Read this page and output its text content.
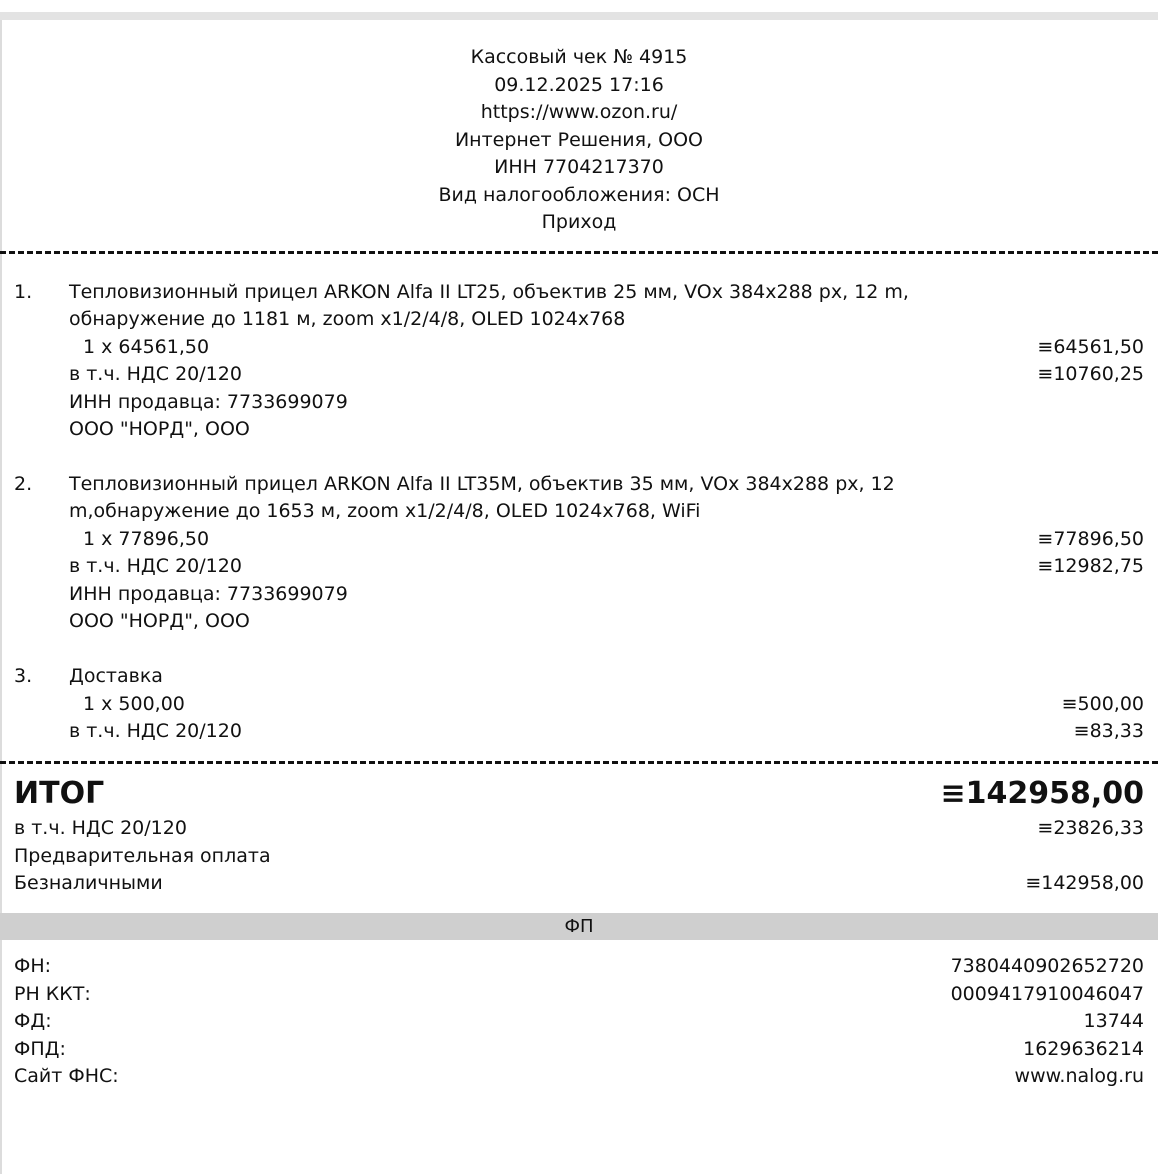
Кассовый чек № 4915
09.12.2025 17:16
https://www.ozon.ru/
Интернет Решения, ООО
ИНН 7704217370
Вид налогообложения: ОСН
Приход
1. Тепловизионный прицел ARKON Alfa II LT25, объектив 25 мм, VOx 384x288 px, 12 m,
обнаружение до 1181 м, zoom x1/2/4/8, OLED 1024x768
1 x 64561,50	≡64561,50
в т.ч. НДС 20/120	≡10760,25
ИНН продавца: 7733699079
ООО "НОРД", ООО
2. Тепловизионный прицел ARKON Alfa II LT35M, объектив 35 мм, VOx 384x288 px, 12
m,обнаружение до 1653 м, zoom x1/2/4/8, OLED 1024x768, WiFi
1 x 77896,50	≡77896,50
в т.ч. НДС 20/120	≡12982,75
ИНН продавца: 7733699079
ООО "НОРД", ООО
3. Доставка
1 x 500,00	≡500,00
в т.ч. НДС 20/120	≡83,33
ИТОГ	≡142958,00
в т.ч. НДС 20/120	≡23826,33
Предварительная оплата
Безналичными	≡142958,00
ФП
ФН:	7380440902652720
РН ККТ:	0009417910046047
ФД:	13744
ФПД:	1629636214
Сайт ФНС:	www.nalog.ru
